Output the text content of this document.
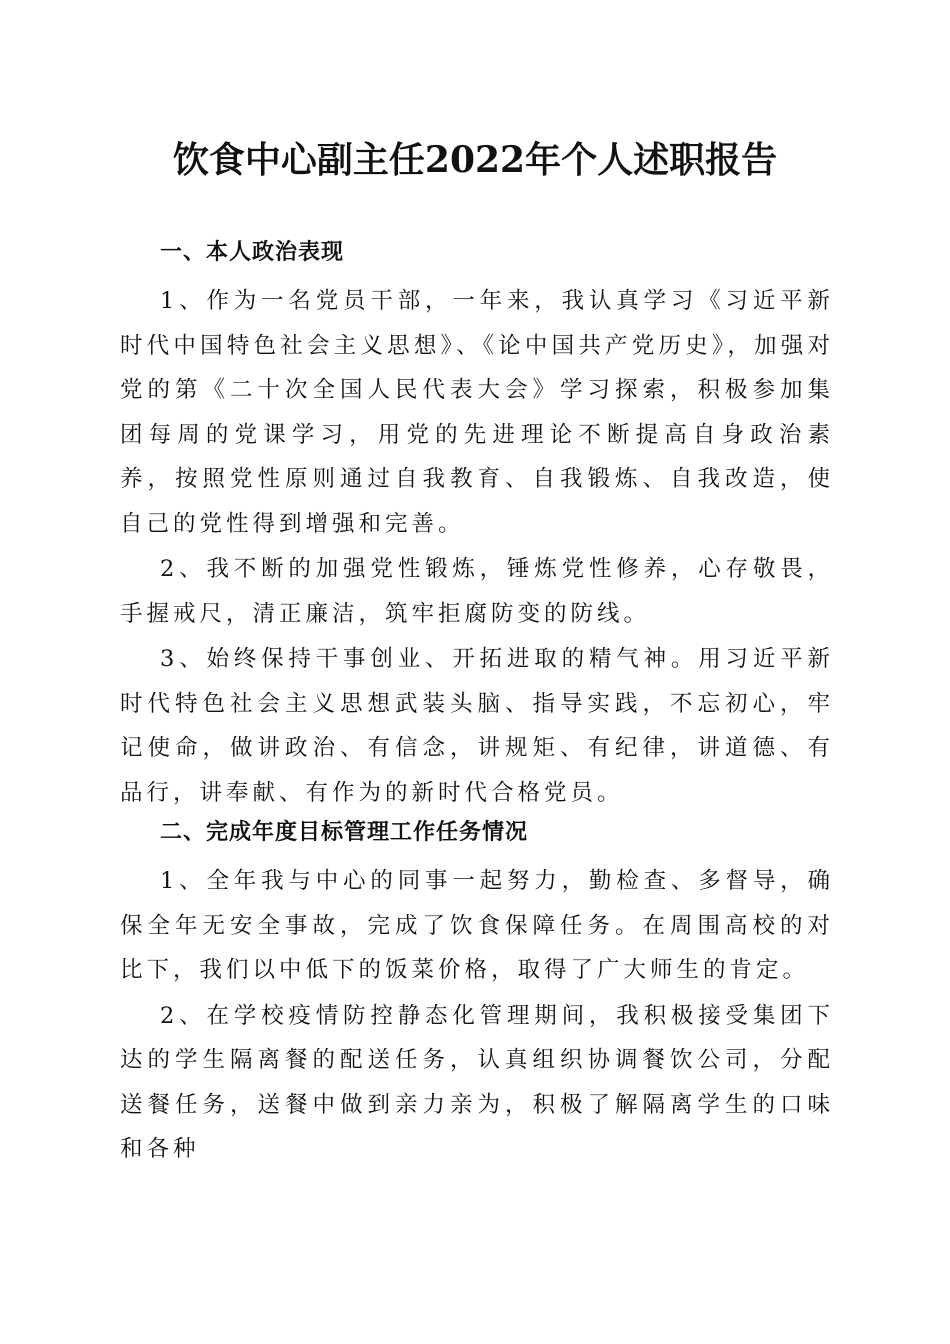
饮食中心副主任2022年个人述职报告
一、本人政治表现

1、作为一名党员干部，一年来，我认真学习《习近平新时代中国特色社会主义思想》、《论中国共产党历史》，加强对党的第《二十次全国人民代表大会》学习探索，积极参加集团每周的党课学习，用党的先进理论不断提高自身政治素养，按照党性原则通过自我教育、自我锻炼、自我改造，使自己的党性得到增强和完善。

2、我不断的加强党性锻炼，锤炼党性修养，心存敬畏，手握戒尺，清正廉洁，筑牢拒腐防变的防线。

3、始终保持干事创业、开拓进取的精气神。用习近平新时代特色社会主义思想武装头脑、指导实践，不忘初心，牢记使命，做讲政治、有信念，讲规矩、有纪律，讲道德、有品行，讲奉献、有作为的新时代合格党员。

二、完成年度目标管理工作任务情况

1、全年我与中心的同事一起努力，勤检查、多督导，确保全年无安全事故，完成了饮食保障任务。在周围高校的对比下，我们以中低下的饭菜价格，取得了广大师生的肯定。

2、在学校疫情防控静态化管理期间，我积极接受集团下达的学生隔离餐的配送任务，认真组织协调餐饮公司，分配送餐任务，送餐中做到亲力亲为，积极了解隔离学生的口味和各种
